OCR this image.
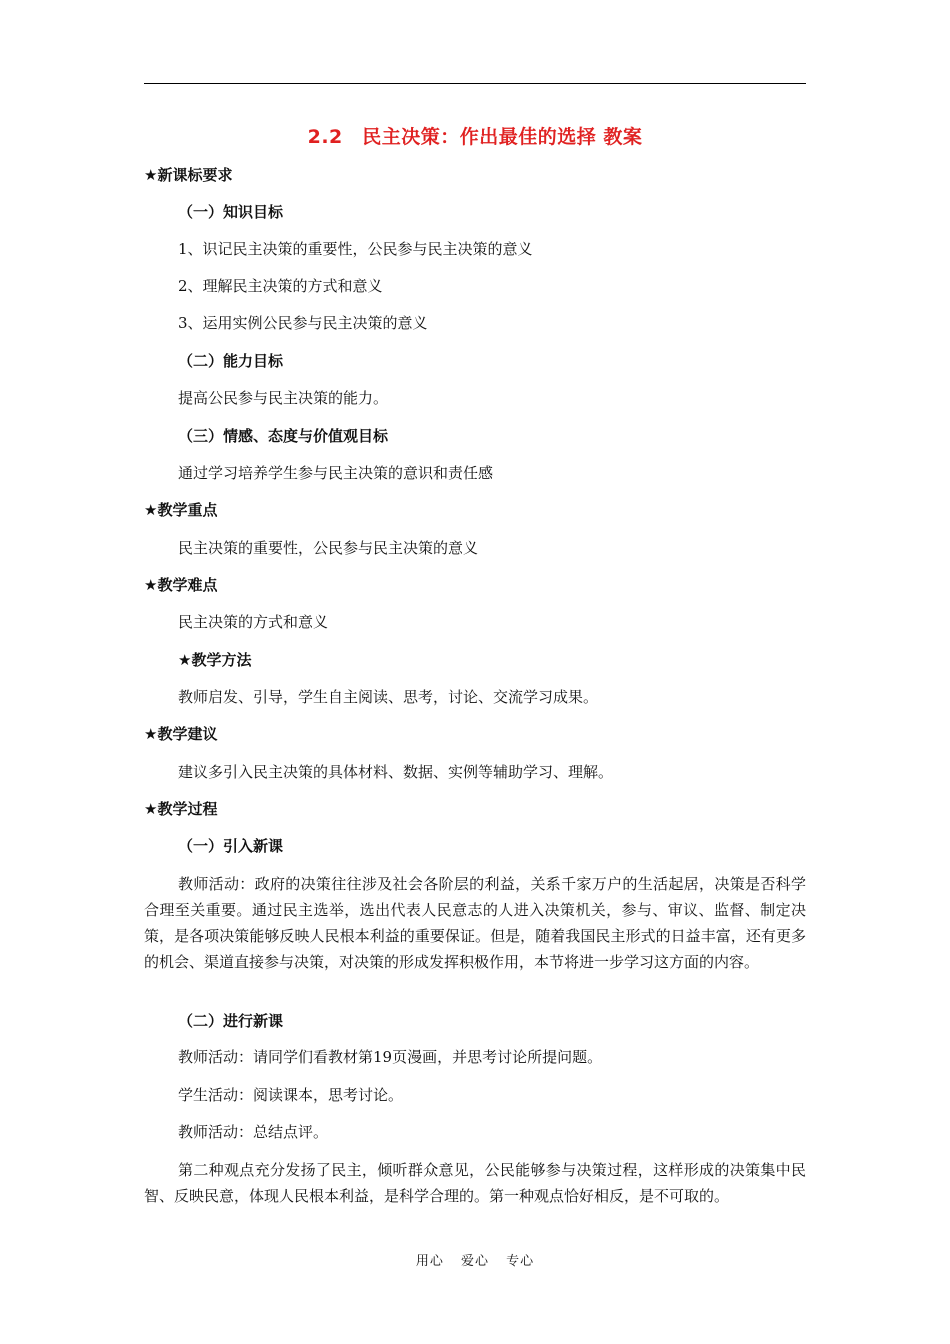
2.2　民主决策：作出最佳的选择 教案
★新课标要求
（一）知识目标
1、识记民主决策的重要性，公民参与民主决策的意义
2、理解民主决策的方式和意义
3、运用实例公民参与民主决策的意义
（二）能力目标
提高公民参与民主决策的能力。
（三）情感、态度与价值观目标
通过学习培养学生参与民主决策的意识和责任感
★教学重点
民主决策的重要性，公民参与民主决策的意义
★教学难点
民主决策的方式和意义
★教学方法
教师启发、引导，学生自主阅读、思考，讨论、交流学习成果。
★教学建议
建议多引入民主决策的具体材料、数据、实例等辅助学习、理解。
★教学过程
（一）引入新课
教师活动：政府的决策往往涉及社会各阶层的利益，关系千家万户的生活起居，决策是否科学合理至关重要。通过民主选举，选出代表人民意志的人进入决策机关，参与、审议、监督、制定决策，是各项决策能够反映人民根本利益的重要保证。但是，随着我国民主形式的日益丰富，还有更多的机会、渠道直接参与决策，对决策的形成发挥积极作用，本节将进一步学习这方面的内容。
（二）进行新课
教师活动：请同学们看教材第19页漫画，并思考讨论所提问题。
学生活动：阅读课本，思考讨论。
教师活动：总结点评。
第二种观点充分发扬了民主，倾听群众意见，公民能够参与决策过程，这样形成的决策集中民智、反映民意，体现人民根本利益，是科学合理的。第一种观点恰好相反，是不可取的。
用心 爱心 专心
